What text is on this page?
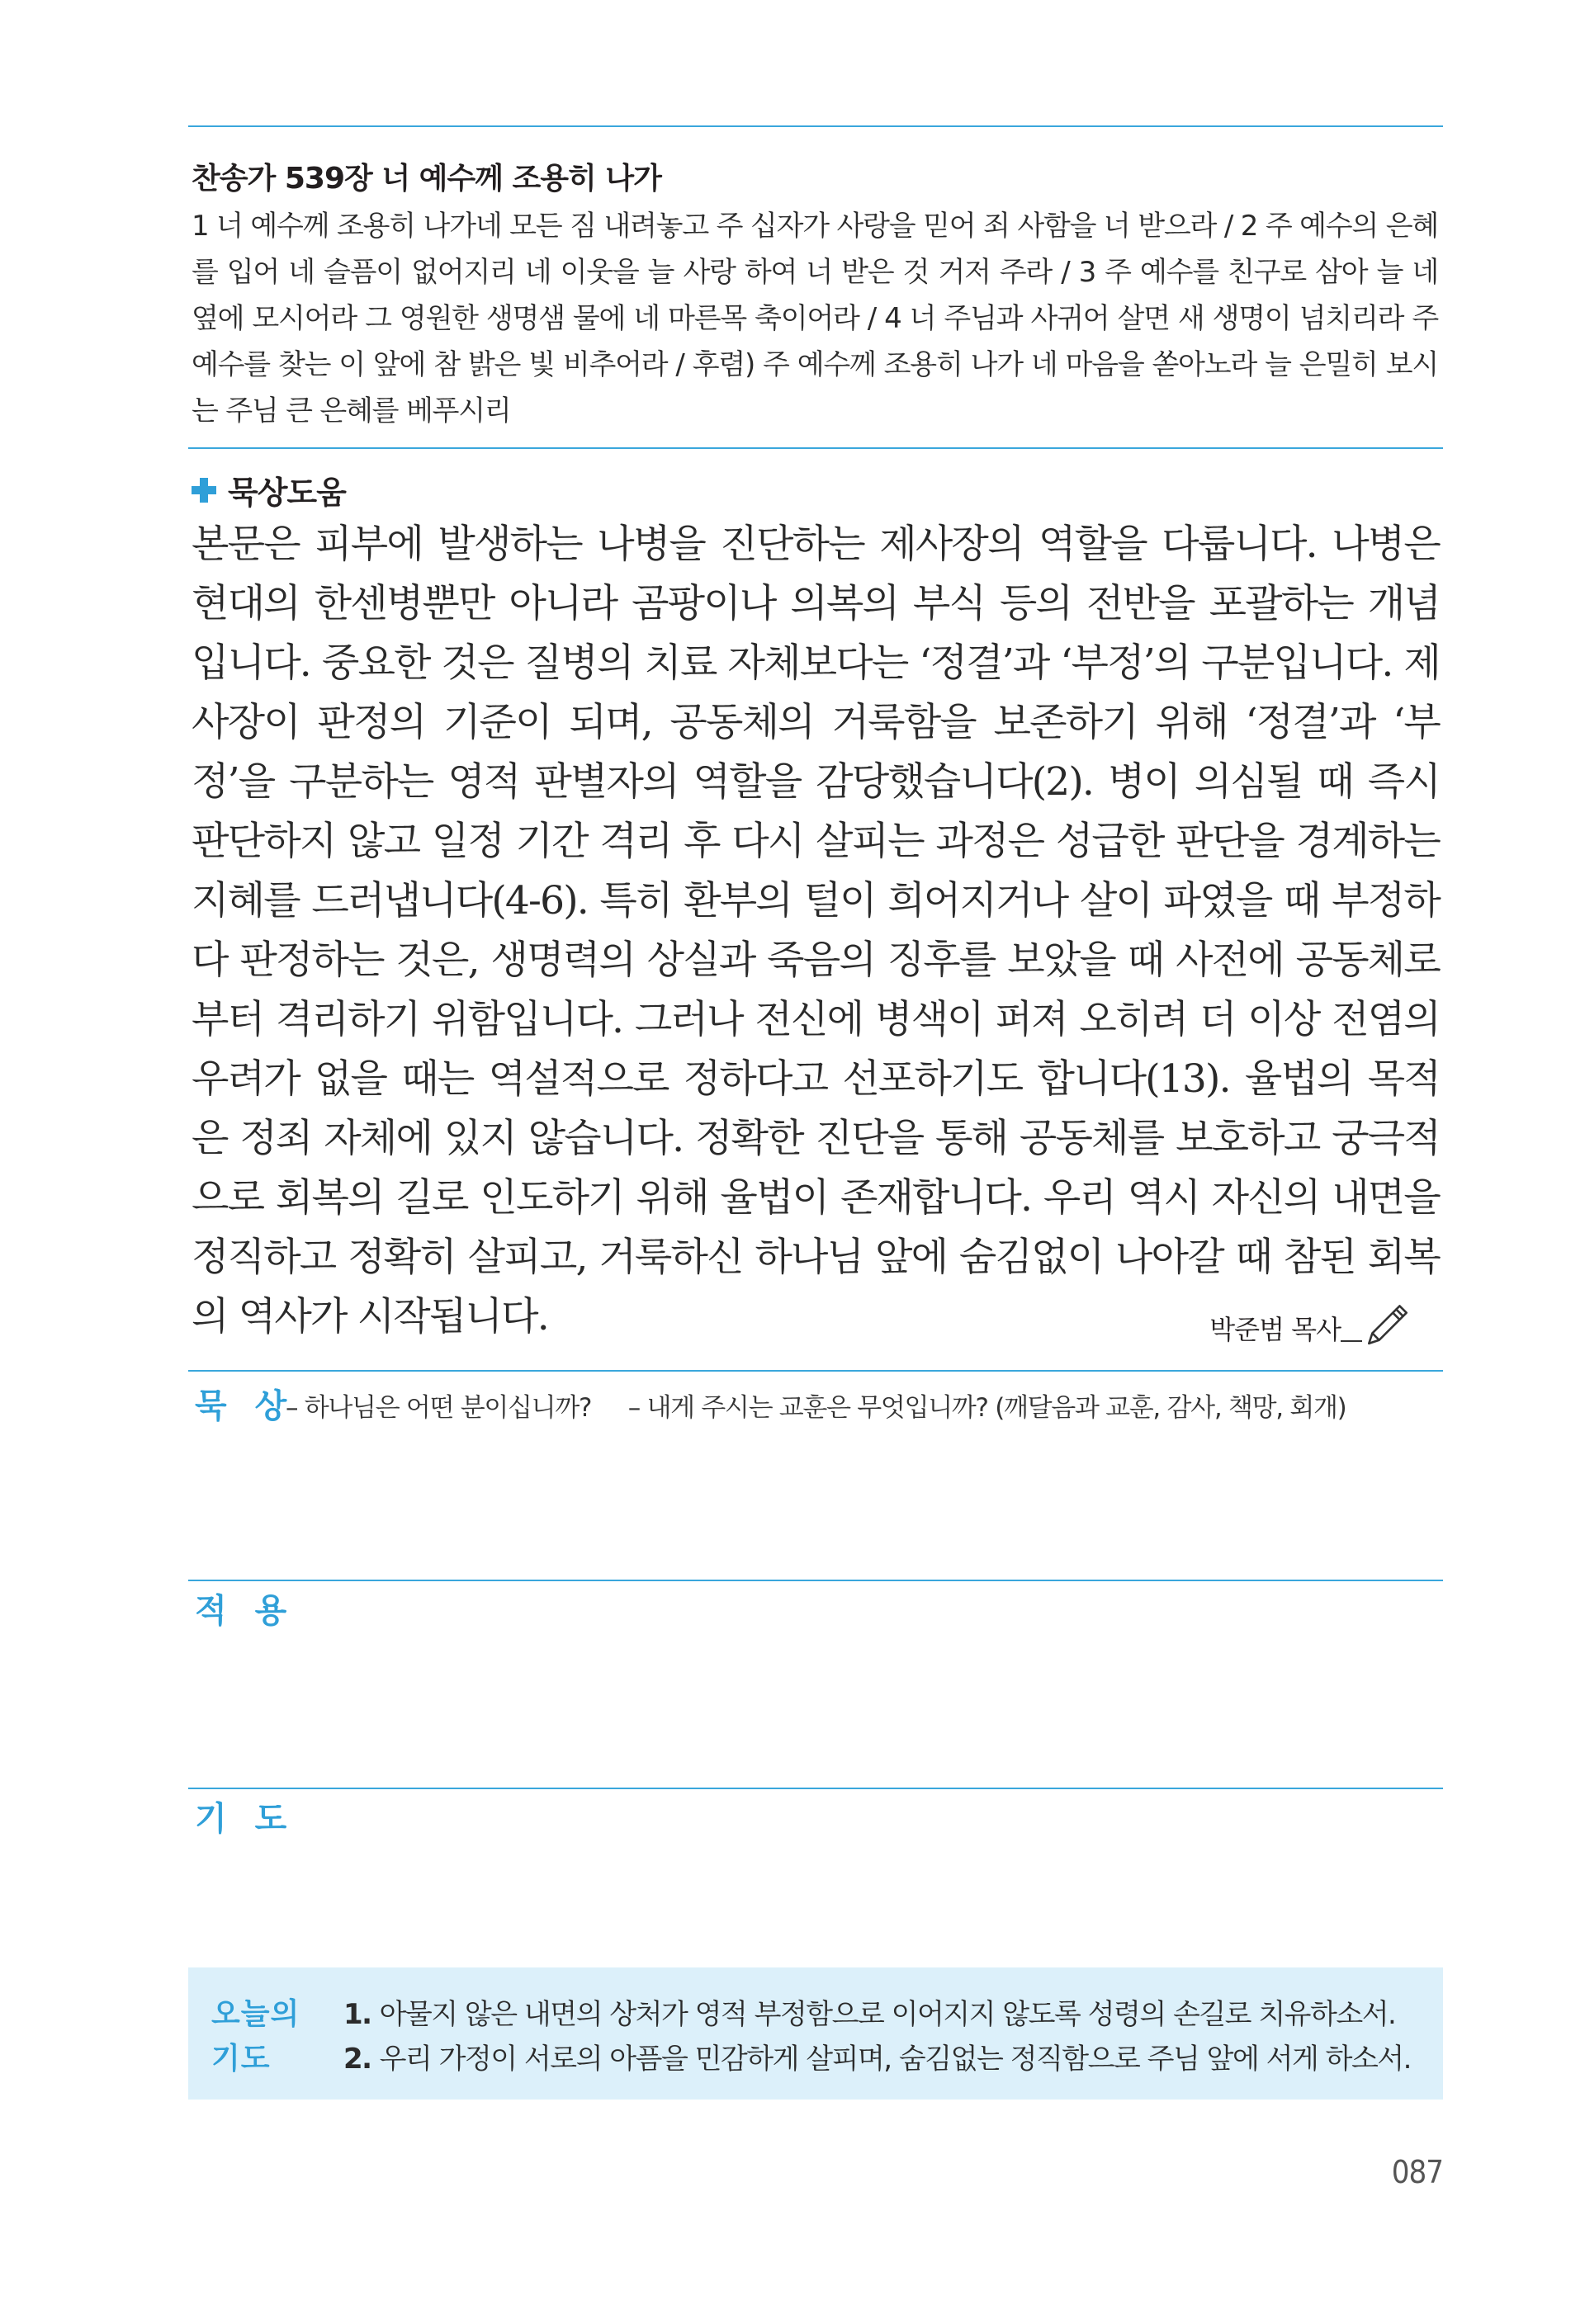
찬송가 539장 너 예수께 조용히 나가
1 너 예수께 조용히 나가네 모든 짐 내려놓고 주 십자가 사랑을 믿어 죄 사함을 너 받으라 / 2 주 예수의 은혜를 입어 네 슬픔이 없어지리 네 이웃을 늘 사랑 하여 너 받은 것 거저 주라 / 3 주 예수를 친구로 삼아 늘 네 옆에 모시어라 그 영원한 생명샘 물에 네 마른목 축이어라 / 4 너 주님과 사귀어 살면 새 생명이 넘치리라 주 예수를 찾는 이 앞에 참 밝은 빛 비추어라 / 후렴) 주 예수께 조용히 나가 네 마음을 쏟아노라 늘 은밀히 보시는 주님 큰 은혜를 베푸시리
묵상도움
본문은 피부에 발생하는 나병을 진단하는 제사장의 역할을 다룹니다. 나병은 현대의 한센병뿐만 아니라 곰팡이나 의복의 부식 등의 전반을 포괄하는 개념입니다. 중요한 것은 질병의 치료 자체보다는 ‘정결’과 ‘부정’의 구분입니다. 제사장이 판정의 기준이 되며, 공동체의 거룩함을 보존하기 위해 ‘정결’과 ‘부정’을 구분하는 영적 판별자의 역할을 감당했습니다(2). 병이 의심될 때 즉시 판단하지 않고 일정 기간 격리 후 다시 살피는 과정은 성급한 판단을 경계하는 지혜를 드러냅니다(4-6). 특히 환부의 털이 희어지거나 살이 파였을 때 부정하다 판정하는 것은, 생명력의 상실과 죽음의 징후를 보았을 때 사전에 공동체로부터 격리하기 위함입니다. 그러나 전신에 병색이 퍼져 오히려 더 이상 전염의 우려가 없을 때는 역설적으로 정하다고 선포하기도 합니다(13). 율법의 목적은 정죄 자체에 있지 않습니다. 정확한 진단을 통해 공동체를 보호하고 궁극적으로 회복의 길로 인도하기 위해 율법이 존재합니다. 우리 역시 자신의 내면을 정직하고 정확히 살피고, 거룩하신 하나님 앞에 숨김없이 나아갈 때 참된 회복의 역사가 시작됩니다.	박준범 목사
묵 상
– 하나님은 어떤 분이십니까? – 내게 주시는 교훈은 무엇입니까? (깨달음과 교훈, 감사, 책망, 회개)
적 용
기 도
오늘의
기도
1. 아물지 않은 내면의 상처가 영적 부정함으로 이어지지 않도록 성령의 손길로 치유하소서.
2. 우리 가정이 서로의 아픔을 민감하게 살피며, 숨김없는 정직함으로 주님 앞에 서게 하소서.
087
